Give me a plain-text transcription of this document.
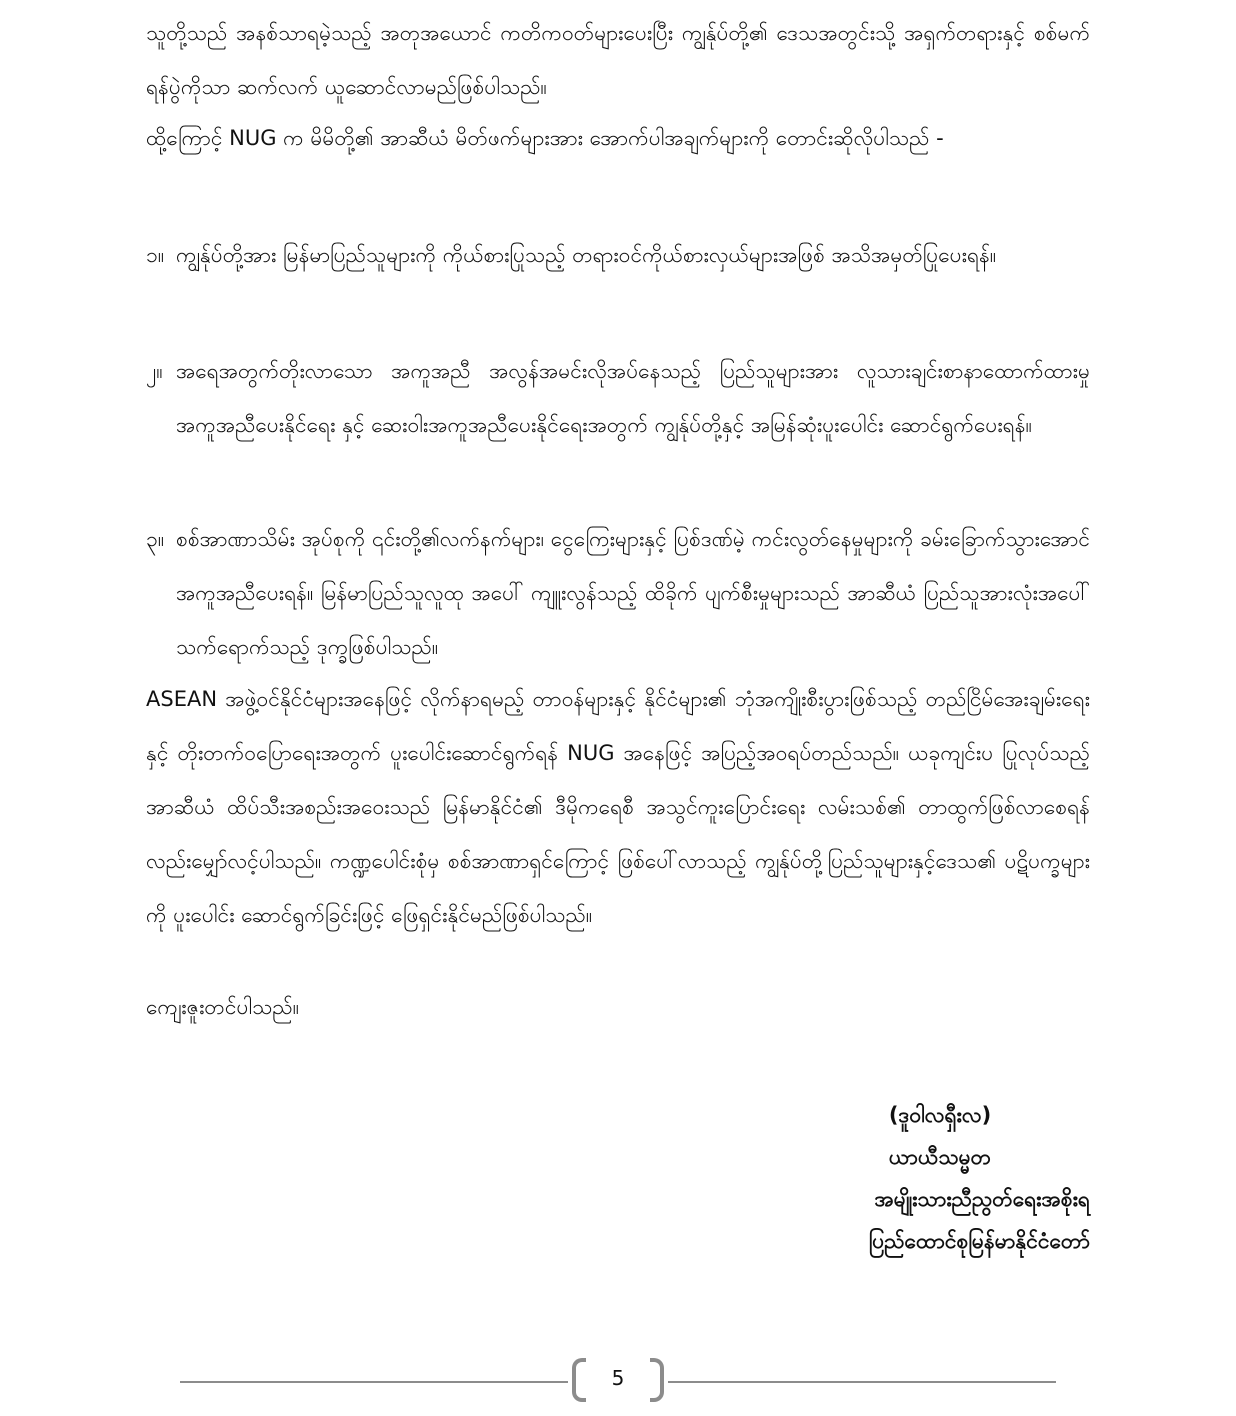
သူတို့သည် အနစ်သာရမဲ့သည့် အတုအယောင် ကတိကဝတ်များပေးပြီး ကျွန်ုပ်တို့၏ ဒေသအတွင်းသို့ အရှက်တရားနှင့် စစ်မက်ရန်ပွဲကိုသာ ဆက်လက် ယူဆောင်လာမည်ဖြစ်ပါသည်။

ထို့ကြောင့် NUG က မိမိတို့၏ အာဆီယံ မိတ်ဖက်များအား အောက်ပါအချက်များကို တောင်းဆိုလိုပါသည် -

၁။ ကျွန်ုပ်တို့အား မြန်မာပြည်သူများကို ကိုယ်စားပြုသည့် တရားဝင်ကိုယ်စားလှယ်များအဖြစ် အသိအမှတ်ပြုပေးရန်။

၂။ အရေအတွက်တိုးလာသော အကူအညီ အလွန်အမင်းလိုအပ်နေသည့် ပြည်သူများအား လူသားချင်းစာနာထောက်ထားမှု အကူအညီပေးနိုင်ရေး နှင့် ဆေးဝါးအကူအညီပေးနိုင်ရေးအတွက် ကျွန်ုပ်တို့နှင့် အမြန်ဆုံးပူးပေါင်း ဆောင်ရွက်ပေးရန်။

၃။ စစ်အာဏာသိမ်း အုပ်စုကို ၎င်းတို့၏လက်နက်များ၊ ငွေကြေးများနှင့် ပြစ်ဒဏ်မဲ့ ကင်းလွတ်နေမှုများကို ခမ်းခြောက်သွားအောင် အကူအညီပေးရန်။ မြန်မာပြည်သူလူထု အပေါ် ကျူးလွန်သည့် ထိခိုက် ပျက်စီးမှုများသည် အာဆီယံ ပြည်သူအားလုံးအပေါ် သက်ရောက်သည့် ဒုက္ခဖြစ်ပါသည်။

ASEAN အဖွဲ့ဝင်နိုင်ငံများအနေဖြင့် လိုက်နာရမည့် တာဝန်များနှင့် နိုင်ငံများ၏ ဘုံအကျိုးစီးပွားဖြစ်သည့် တည်ငြိမ်အေးချမ်းရေးနှင့် တိုးတက်ဝပြောရေးအတွက် ပူးပေါင်းဆောင်ရွက်ရန် NUG အနေဖြင့် အပြည့်အဝရပ်တည်သည်။ ယခုကျင်းပ ပြုလုပ်သည့် အာဆီယံ ထိပ်သီးအစည်းအဝေးသည် မြန်မာနိုင်ငံ၏ ဒီမိုကရေစီ အသွင်ကူးပြောင်းရေး လမ်းသစ်၏ တာထွက်ဖြစ်လာစေရန်လည်းမျှော်လင့်ပါသည်။ ကဏ္ဍပေါင်းစုံမှ စစ်အာဏာရှင်ကြောင့် ဖြစ်ပေါ်လာသည့် ကျွန်ုပ်တို့ပြည်သူများနှင့်ဒေသ၏ ပဋိပက္ခများကို ပူးပေါင်း ဆောင်ရွက်ခြင်းဖြင့် ဖြေရှင်းနိုင်မည်ဖြစ်ပါသည်။

ကျေးဇူးတင်ပါသည်။

(ဒူဝါလရှီးလ)
ယာယီသမ္မတ
အမျိုးသားညီညွတ်ရေးအစိုးရ
ပြည်ထောင်စုမြန်မာနိုင်ငံတော်
5
